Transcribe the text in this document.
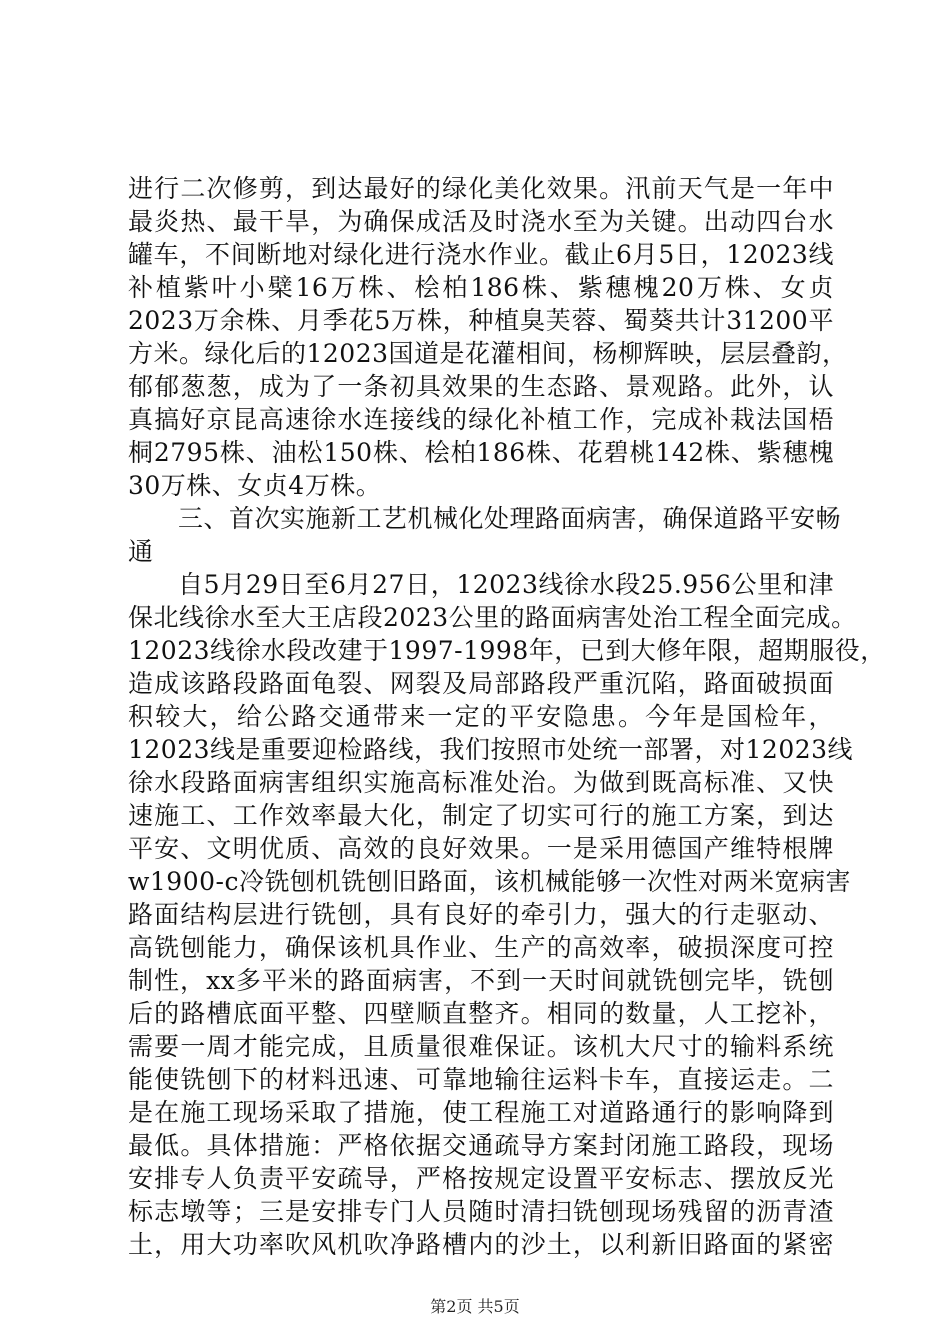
进行二次修剪，到达最好的绿化美化效果。汛前天气是一年中
最炎热、最干旱，为确保成活及时浇水至为关键。出动四台水
罐车，不间断地对绿化进行浇水作业。截止6月5日，12023线
补植紫叶小檗16万株、桧柏186株、紫穗槐20万株、女贞
2023万余株、月季花5万株，种植臭芙蓉、蜀葵共计31200平
方米。绿化后的12023国道是花灌相间，杨柳辉映，层层叠韵，
郁郁葱葱，成为了一条初具效果的生态路、景观路。此外，认
真搞好京昆高速徐水连接线的绿化补植工作，完成补栽法国梧
桐2795株、油松150株、桧柏186株、花碧桃142株、紫穗槐
30万株、女贞4万株。
三、首次实施新工艺机械化处理路面病害，确保道路平安畅
通
自5月29日至6月27日，12023线徐水段25.956公里和津
保北线徐水至大王店段2023公里的路面病害处治工程全面完成。
12023线徐水段改建于1997-1998年，已到大修年限，超期服役，
造成该路段路面龟裂、网裂及局部路段严重沉陷，路面破损面
积较大，给公路交通带来一定的平安隐患。今年是国检年，
12023线是重要迎检路线，我们按照市处统一部署，对12023线
徐水段路面病害组织实施高标准处治。为做到既高标准、又快
速施工、工作效率最大化，制定了切实可行的施工方案，到达
平安、文明优质、高效的良好效果。一是采用德国产维特根牌
w1900-c冷铣刨机铣刨旧路面，该机械能够一次性对两米宽病害
路面结构层进行铣刨，具有良好的牵引力，强大的行走驱动、
高铣刨能力，确保该机具作业、生产的高效率，破损深度可控
制性，xx多平米的路面病害，不到一天时间就铣刨完毕，铣刨
后的路槽底面平整、四壁顺直整齐。相同的数量，人工挖补，
需要一周才能完成，且质量很难保证。该机大尺寸的输料系统
能使铣刨下的材料迅速、可靠地输往运料卡车，直接运走。二
是在施工现场采取了措施，使工程施工对道路通行的影响降到
最低。具体措施：严格依据交通疏导方案封闭施工路段，现场
安排专人负责平安疏导，严格按规定设置平安标志、摆放反光
标志墩等；三是安排专门人员随时清扫铣刨现场残留的沥青渣
土，用大功率吹风机吹净路槽内的沙土，以利新旧路面的紧密
第2页 共5页
